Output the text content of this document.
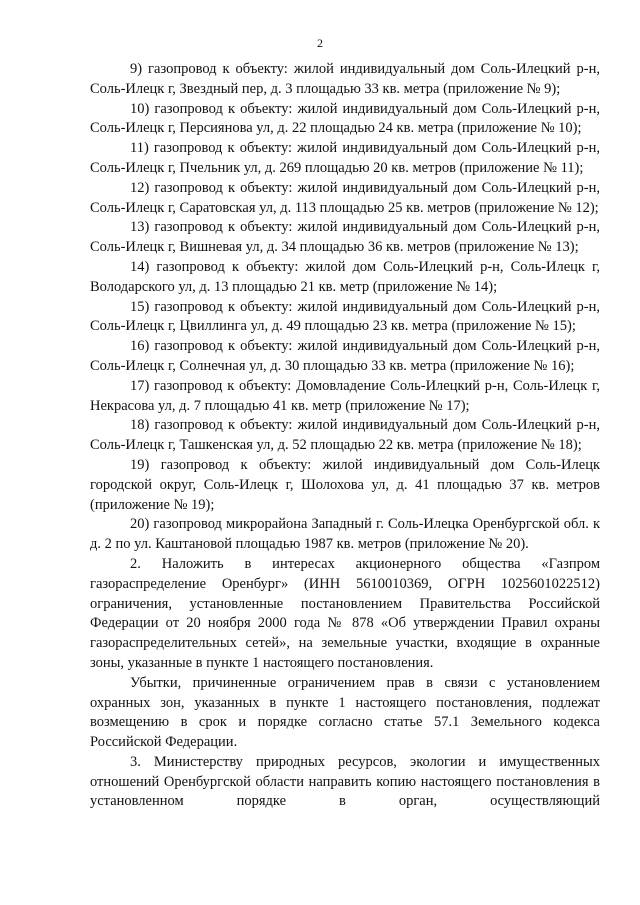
2

9) газопровод к объекту: жилой индивидуальный дом Соль-Илецкий р-н, Соль-Илецк г, Звездный пер, д. 3 площадью 33 кв. метра (приложение № 9);

10) газопровод к объекту: жилой индивидуальный дом Соль-Илецкий р-н, Соль-Илецк г, Персиянова ул, д. 22 площадью 24 кв. метра (приложение № 10);

11) газопровод к объекту: жилой индивидуальный дом Соль-Илецкий р-н, Соль-Илецк г, Пчельник ул, д. 269 площадью 20 кв. метров (приложение № 11);

12) газопровод к объекту: жилой индивидуальный дом Соль-Илецкий р-н, Соль-Илецк г, Саратовская ул, д. 113 площадью 25 кв. метров (приложение № 12);

13) газопровод к объекту: жилой индивидуальный дом Соль-Илецкий р-н, Соль-Илецк г, Вишневая ул, д. 34 площадью 36 кв. метров (приложение № 13);

14) газопровод к объекту: жилой дом Соль-Илецкий р-н, Соль-Илецк г, Володарского ул, д. 13 площадью 21 кв. метр (приложение № 14);

15) газопровод к объекту: жилой индивидуальный дом Соль-Илецкий р-н, Соль-Илецк г, Цвиллинга ул, д. 49 площадью 23 кв. метра (приложение № 15);

16) газопровод к объекту: жилой индивидуальный дом Соль-Илецкий р-н, Соль-Илецк г, Солнечная ул, д. 30 площадью 33 кв. метра (приложение № 16);

17) газопровод к объекту: Домовладение Соль-Илецкий р-н, Соль-Илецк г, Некрасова ул, д. 7 площадью 41 кв. метр (приложение № 17);

18) газопровод к объекту: жилой индивидуальный дом Соль-Илецкий р-н, Соль-Илецк г, Ташкенская ул, д. 52 площадью 22 кв. метра (приложение № 18);

19) газопровод к объекту: жилой индивидуальный дом Соль-Илецк городской округ, Соль-Илецк г, Шолохова ул, д. 41 площадью 37 кв. метров (приложение № 19);

20) газопровод микрорайона Западный г. Соль-Илецка Оренбургской обл. к д. 2 по ул. Каштановой площадью 1987 кв. метров (приложение № 20).

2. Наложить в интересах акционерного общества «Газпром газораспределение Оренбург» (ИНН 5610010369, ОГРН 1025601022512) ограничения, установленные постановлением Правительства Российской Федерации от 20 ноября 2000 года № 878 «Об утверждении Правил охраны газораспределительных сетей», на земельные участки, входящие в охранные зоны, указанные в пункте 1 настоящего постановления.

Убытки, причиненные ограничением прав в связи с установлением охранных зон, указанных в пункте 1 настоящего постановления, подлежат возмещению в срок и порядке согласно статье 57.1 Земельного кодекса Российской Федерации.

3. Министерству природных ресурсов, экологии и имущественных отношений Оренбургской области направить копию настоящего постановления в установленном порядке в орган, осуществляющий
